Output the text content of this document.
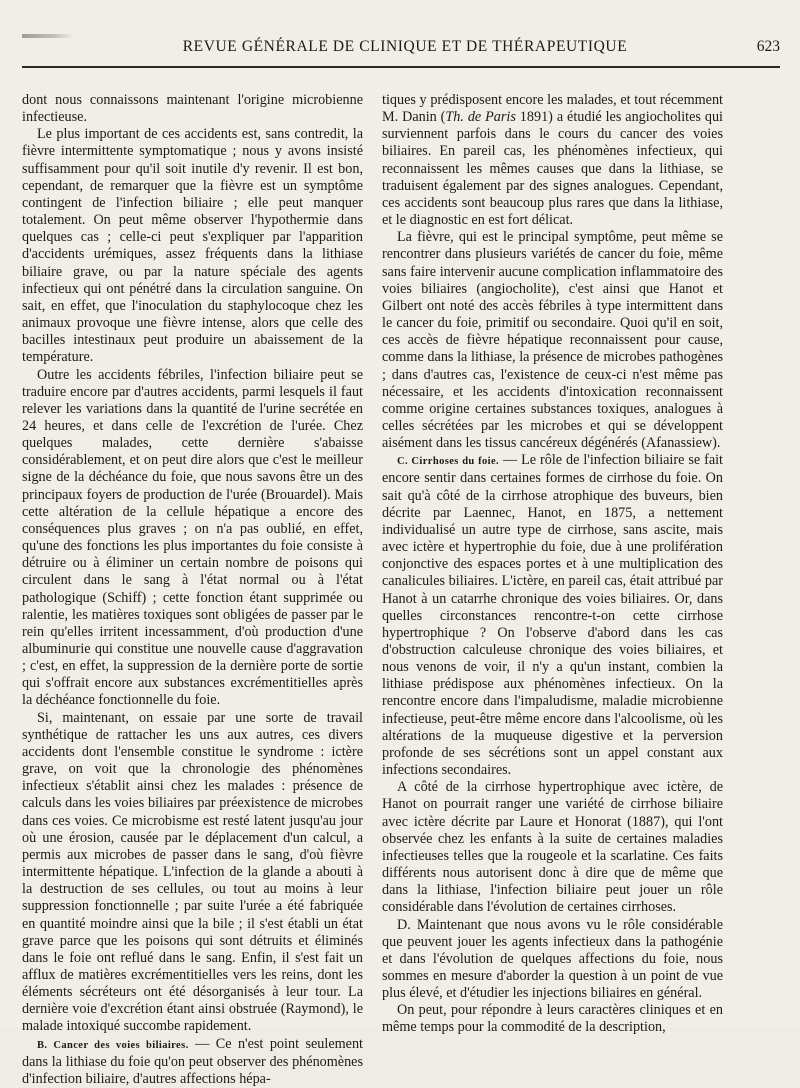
REVUE GÉNÉRALE DE CLINIQUE ET DE THÉRAPEUTIQUE	623

dont nous connaissons maintenant l'origine microbienne infectieuse.

Le plus important de ces accidents est, sans contredit, la fièvre intermittente symptomatique ; nous y avons insisté suffisamment pour qu'il soit inutile d'y revenir. Il est bon, cependant, de remarquer que la fièvre est un symptôme contingent de l'infection biliaire ; elle peut manquer totalement. On peut même observer l'hypothermie dans quelques cas ; celle-ci peut s'expliquer par l'apparition d'accidents urémiques, assez fréquents dans la lithiase biliaire grave, ou par la nature spéciale des agents infectieux qui ont pénétré dans la circulation sanguine. On sait, en effet, que l'inoculation du staphylocoque chez les animaux provoque une fièvre intense, alors que celle des bacilles intestinaux peut produire un abaissement de la température.

Outre les accidents fébriles, l'infection biliaire peut se traduire encore par d'autres accidents, parmi lesquels il faut relever les variations dans la quantité de l'urine secrétée en 24 heures, et dans celle de l'excrétion de l'urée. Chez quelques malades, cette dernière s'abaisse considérablement, et on peut dire alors que c'est le meilleur signe de la déchéance du foie, que nous savons être un des principaux foyers de production de l'urée (Brouardel). Mais cette altération de la cellule hépatique a encore des conséquences plus graves ; on n'a pas oublié, en effet, qu'une des fonctions les plus importantes du foie consiste à détruire ou à éliminer un certain nombre de poisons qui circulent dans le sang à l'état normal ou à l'état pathologique (Schiff) ; cette fonction étant supprimée ou ralentie, les matières toxiques sont obligées de passer par le rein qu'elles irritent incessamment, d'où production d'une albuminurie qui constitue une nouvelle cause d'aggravation ; c'est, en effet, la suppression de la dernière porte de sortie qui s'offrait encore aux substances excrémentitielles après la déchéance fonctionnelle du foie.

Si, maintenant, on essaie par une sorte de travail synthétique de rattacher les uns aux autres, ces divers accidents dont l'ensemble constitue le syndrome : ictère grave, on voit que la chronologie des phénomènes infectieux s'établit ainsi chez les malades : présence de calculs dans les voies biliaires par préexistence de microbes dans ces voies. Ce microbisme est resté latent jusqu'au jour où une érosion, causée par le déplacement d'un calcul, a permis aux microbes de passer dans le sang, d'où fièvre intermittente hépatique. L'infection de la glande a abouti à la destruction de ses cellules, ou tout au moins à leur suppression fonctionnelle ; par suite l'urée a été fabriquée en quantité moindre ainsi que la bile ; il s'est établi un état grave parce que les poisons qui sont détruits et éliminés dans le foie ont reflué dans le sang. Enfin, il s'est fait un afflux de matières excrémentitielles vers les reins, dont les éléments sécréteurs ont été désorganisés à leur tour. La dernière voie d'excrétion étant ainsi obstruée (Raymond), le malade intoxiqué succombe rapidement.

B. Cancer des voies biliaires. — Ce n'est point seulement dans la lithiase du foie qu'on peut observer des phénomènes d'infection biliaire, d'autres affections hépa-

tiques y prédisposent encore les malades, et tout récemment M. Danin (Th. de Paris 1891) a étudié les angiocholites qui surviennent parfois dans le cours du cancer des voies biliaires. En pareil cas, les phénomènes infectieux, qui reconnaissent les mêmes causes que dans la lithiase, se traduisent également par des signes analogues. Cependant, ces accidents sont beaucoup plus rares que dans la lithiase, et le diagnostic en est fort délicat.

La fièvre, qui est le principal symptôme, peut même se rencontrer dans plusieurs variétés de cancer du foie, même sans faire intervenir aucune complication inflammatoire des voies biliaires (angiocholite), c'est ainsi que Hanot et Gilbert ont noté des accès fébriles à type intermittent dans le cancer du foie, primitif ou secondaire. Quoi qu'il en soit, ces accès de fièvre hépatique reconnaissent pour cause, comme dans la lithiase, la présence de microbes pathogènes ; dans d'autres cas, l'existence de ceux-ci n'est même pas nécessaire, et les accidents d'intoxication reconnaissent comme origine certaines substances toxiques, analogues à celles sécrétées par les microbes et qui se développent aisément dans les tissus cancéreux dégénérés (Afanassiew).

C. Cirrhoses du foie. — Le rôle de l'infection biliaire se fait encore sentir dans certaines formes de cirrhose du foie. On sait qu'à côté de la cirrhose atrophique des buveurs, bien décrite par Laennec, Hanot, en 1875, a nettement individualisé un autre type de cirrhose, sans ascite, mais avec ictère et hypertrophie du foie, due à une prolifération conjonctive des espaces portes et à une multiplication des canalicules biliaires. L'ictère, en pareil cas, était attribué par Hanot à un catarrhe chronique des voies biliaires. Or, dans quelles circonstances rencontre-t-on cette cirrhose hypertrophique ? On l'observe d'abord dans les cas d'obstruction calculeuse chronique des voies biliaires, et nous venons de voir, il n'y a qu'un instant, combien la lithiase prédispose aux phénomènes infectieux. On la rencontre encore dans l'impaludisme, maladie microbienne infectieuse, peut-être même encore dans l'alcoolisme, où les altérations de la muqueuse digestive et la perversion profonde de ses sécrétions sont un appel constant aux infections secondaires.

A côté de la cirrhose hypertrophique avec ictère, de Hanot on pourrait ranger une variété de cirrhose biliaire avec ictère décrite par Laure et Honorat (1887), qui l'ont observée chez les enfants à la suite de certaines maladies infectieuses telles que la rougeole et la scarlatine. Ces faits différents nous autorisent donc à dire que de même que dans la lithiase, l'infection biliaire peut jouer un rôle considérable dans l'évolution de certaines cirrhoses.

D. Maintenant que nous avons vu le rôle considérable que peuvent jouer les agents infectieux dans la pathogénie et dans l'évolution de quelques affections du foie, nous sommes en mesure d'aborder la question à un point de vue plus élevé, et d'étudier les injections biliaires en général.

On peut, pour répondre à leurs caractères cliniques et en même temps pour la commodité de la description,
